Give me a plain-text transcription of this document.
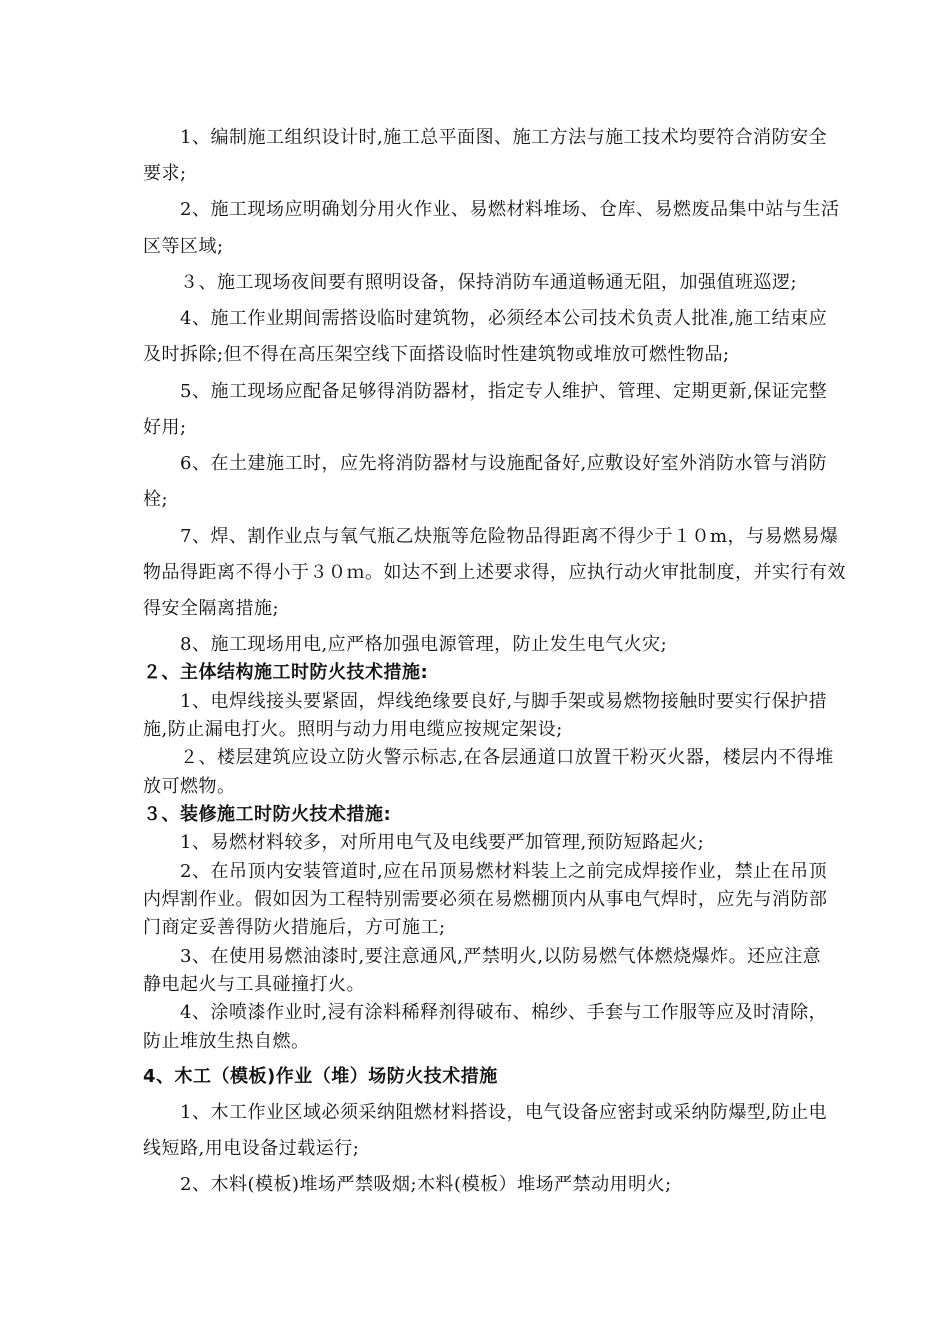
1、编制施工组织设计时,施工总平面图、施工方法与施工技术均要符合消防安全
要求;
2、施工现场应明确划分用火作业、易燃材料堆场、仓库、易燃废品集中站与生活
区等区域;
３、施工现场夜间要有照明设备，保持消防车通道畅通无阻，加强值班巡逻;
4、施工作业期间需搭设临时建筑物，必须经本公司技术负责人批准,施工结束应
及时拆除;但不得在高压架空线下面搭设临时性建筑物或堆放可燃性物品;
5、施工现场应配备足够得消防器材，指定专人维护、管理、定期更新,保证完整
好用;
6、在土建施工时，应先将消防器材与设施配备好,应敷设好室外消防水管与消防
栓;
7、焊、割作业点与氧气瓶乙炔瓶等危险物品得距离不得少于１０m，与易燃易爆
物品得距离不得小于３０ｍ。如达不到上述要求得，应执行动火审批制度，并实行有效
得安全隔离措施;
8、施工现场用电,应严格加强电源管理，防止发生电气火灾;
２、主体结构施工时防火技术措施:
1、电焊线接头要紧固，焊线绝缘要良好,与脚手架或易燃物接触时要实行保护措
施,防止漏电打火。照明与动力用电缆应按规定架设;
２、楼层建筑应设立防火警示标志,在各层通道口放置干粉灭火器，楼层内不得堆
放可燃物。
３、装修施工时防火技术措施:
1、易燃材料较多，对所用电气及电线要严加管理,预防短路起火;
2、在吊顶内安装管道时,应在吊顶易燃材料装上之前完成焊接作业，禁止在吊顶
内焊割作业。假如因为工程特别需要必须在易燃棚顶内从事电气焊时，应先与消防部
门商定妥善得防火措施后，方可施工;
3、在使用易燃油漆时,要注意通风,严禁明火,以防易燃气体燃烧爆炸。还应注意
静电起火与工具碰撞打火。
4、涂喷漆作业时,浸有涂料稀释剂得破布、棉纱、手套与工作服等应及时清除，
防止堆放生热自燃。
4、木工（模板)作业（堆）场防火技术措施
1、木工作业区域必须采纳阻燃材料搭设，电气设备应密封或采纳防爆型,防止电
线短路,用电设备过载运行;
2、木料(模板)堆场严禁吸烟;木料(模板）堆场严禁动用明火;
